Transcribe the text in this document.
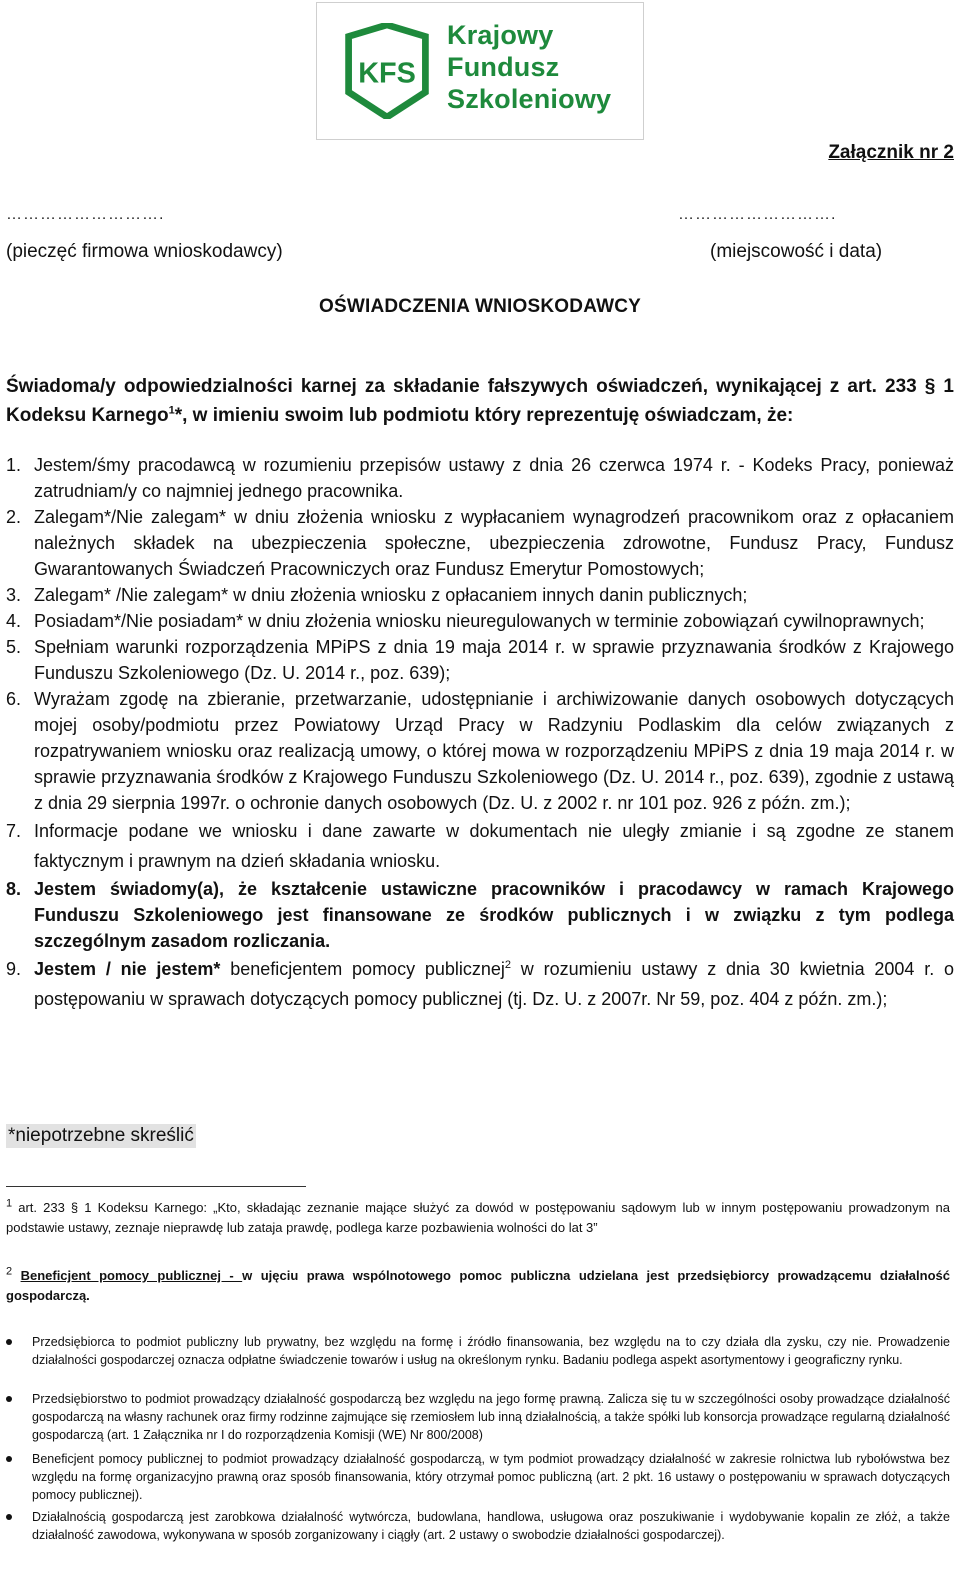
KFS
Krajowy
Fundusz
Szkoleniowy
Załącznik nr 2
……………………….
(pieczęć firmowa wnioskodawcy)
……………………….
(miejscowość i data)
OŚWIADCZENIA WNIOSKODAWCY
Świadoma/y odpowiedzialności karnej za składanie fałszywych oświadczeń, wynikającej z art. 233 § 1
Kodeksu Karnego$^1$*, w imieniu swoim lub podmiotu który reprezentuję oświadczam, że:
1. Jestem/śmy pracodawcą w rozumieniu przepisów ustawy z dnia 26 czerwca 1974 r. - Kodeks Pracy, ponieważ zatrudniam/y co najmniej jednego pracownika.
2. Zalegam*/Nie zalegam* w dniu złożenia wniosku z wypłacaniem wynagrodzeń pracownikom oraz z opłacaniem należnych składek na ubezpieczenia społeczne, ubezpieczenia zdrowotne, Fundusz Pracy, Fundusz Gwarantowanych Świadczeń Pracowniczych oraz Fundusz Emerytur Pomostowych;
3. Zalegam* /Nie zalegam* w dniu złożenia wniosku z opłacaniem innych danin publicznych;
4. Posiadam*/Nie posiadam* w dniu złożenia wniosku nieuregulowanych w terminie zobowiązań cywilnoprawnych;
5. Spełniam warunki rozporządzenia MPiPS z dnia 19 maja 2014 r. w sprawie przyznawania środków z Krajowego Funduszu Szkoleniowego (Dz. U. 2014 r., poz. 639);
6. Wyrażam zgodę na zbieranie, przetwarzanie, udostępnianie i archiwizowanie danych osobowych dotyczących mojej osoby/podmiotu przez Powiatowy Urząd Pracy w Radzyniu Podlaskim dla celów związanych z rozpatrywaniem wniosku oraz realizacją umowy, o której mowa w rozporządzeniu MPiPS z dnia 19 maja 2014 r. w sprawie przyznawania środków z Krajowego Funduszu Szkoleniowego (Dz. U. 2014 r., poz. 639), zgodnie z ustawą z dnia 29 sierpnia 1997r. o ochronie danych osobowych (Dz. U. z 2002 r. nr 101 poz. 926 z późn. zm.);
7. Informacje podane we wniosku i dane zawarte w dokumentach nie uległy zmianie i są zgodne ze stanem faktycznym i prawnym na dzień składania wniosku.
8. Jestem świadomy(a), że kształcenie ustawiczne pracowników i pracodawcy w ramach Krajowego Funduszu Szkoleniowego jest finansowane ze środków publicznych i w związku z tym podlega szczególnym zasadom rozliczania.
9. Jestem / nie jestem* beneficjentem pomocy publicznej$^2$ w rozumieniu ustawy z dnia 30 kwietnia 2004 r. o postępowaniu w sprawach dotyczących pomocy publicznej (tj. Dz. U. z 2007r. Nr 59, poz. 404 z późn. zm.);
*niepotrzebne skreślić
$^1$ art. 233 § 1 Kodeksu Karnego: „Kto, składając zeznanie mające służyć za dowód w postępowaniu sądowym lub w innym postępowaniu prowadzonym na podstawie ustawy, zeznaje nieprawdę lub zataja prawdę, podlega karze pozbawienia wolności do lat 3”
$^2$ Beneficjent pomocy publicznej - w ujęciu prawa wspólnotowego pomoc publiczna udzielana jest przedsiębiorcy prowadzącemu działalność gospodarczą.
Przedsiębiorca to podmiot publiczny lub prywatny, bez względu na formę i źródło finansowania, bez względu na to czy działa dla zysku, czy nie. Prowadzenie działalności gospodarczej oznacza odpłatne świadczenie towarów i usług na określonym rynku. Badaniu podlega aspekt asortymentowy i geograficzny rynku.
Przedsiębiorstwo to podmiot prowadzący działalność gospodarczą bez względu na jego formę prawną. Zalicza się tu w szczególności osoby prowadzące działalność gospodarczą na własny rachunek oraz firmy rodzinne zajmujące się rzemiosłem lub inną działalnością, a także spółki lub konsorcja prowadzące regularną działalność gospodarczą (art. 1 Załącznika nr I do rozporządzenia Komisji (WE) Nr 800/2008)
Beneficjent pomocy publicznej to podmiot prowadzący działalność gospodarczą, w tym podmiot prowadzący działalność w zakresie rolnictwa lub rybołówstwa bez względu na formę organizacyjno prawną oraz sposób finansowania, który otrzymał pomoc publiczną (art. 2 pkt. 16 ustawy o postępowaniu w sprawach dotyczących pomocy publicznej).
Działalnością gospodarczą jest zarobkowa działalność wytwórcza, budowlana, handlowa, usługowa oraz poszukiwanie i wydobywanie kopalin ze złóż, a także działalność zawodowa, wykonywana w sposób zorganizowany i ciągły (art. 2 ustawy o swobodzie działalności gospodarczej).
